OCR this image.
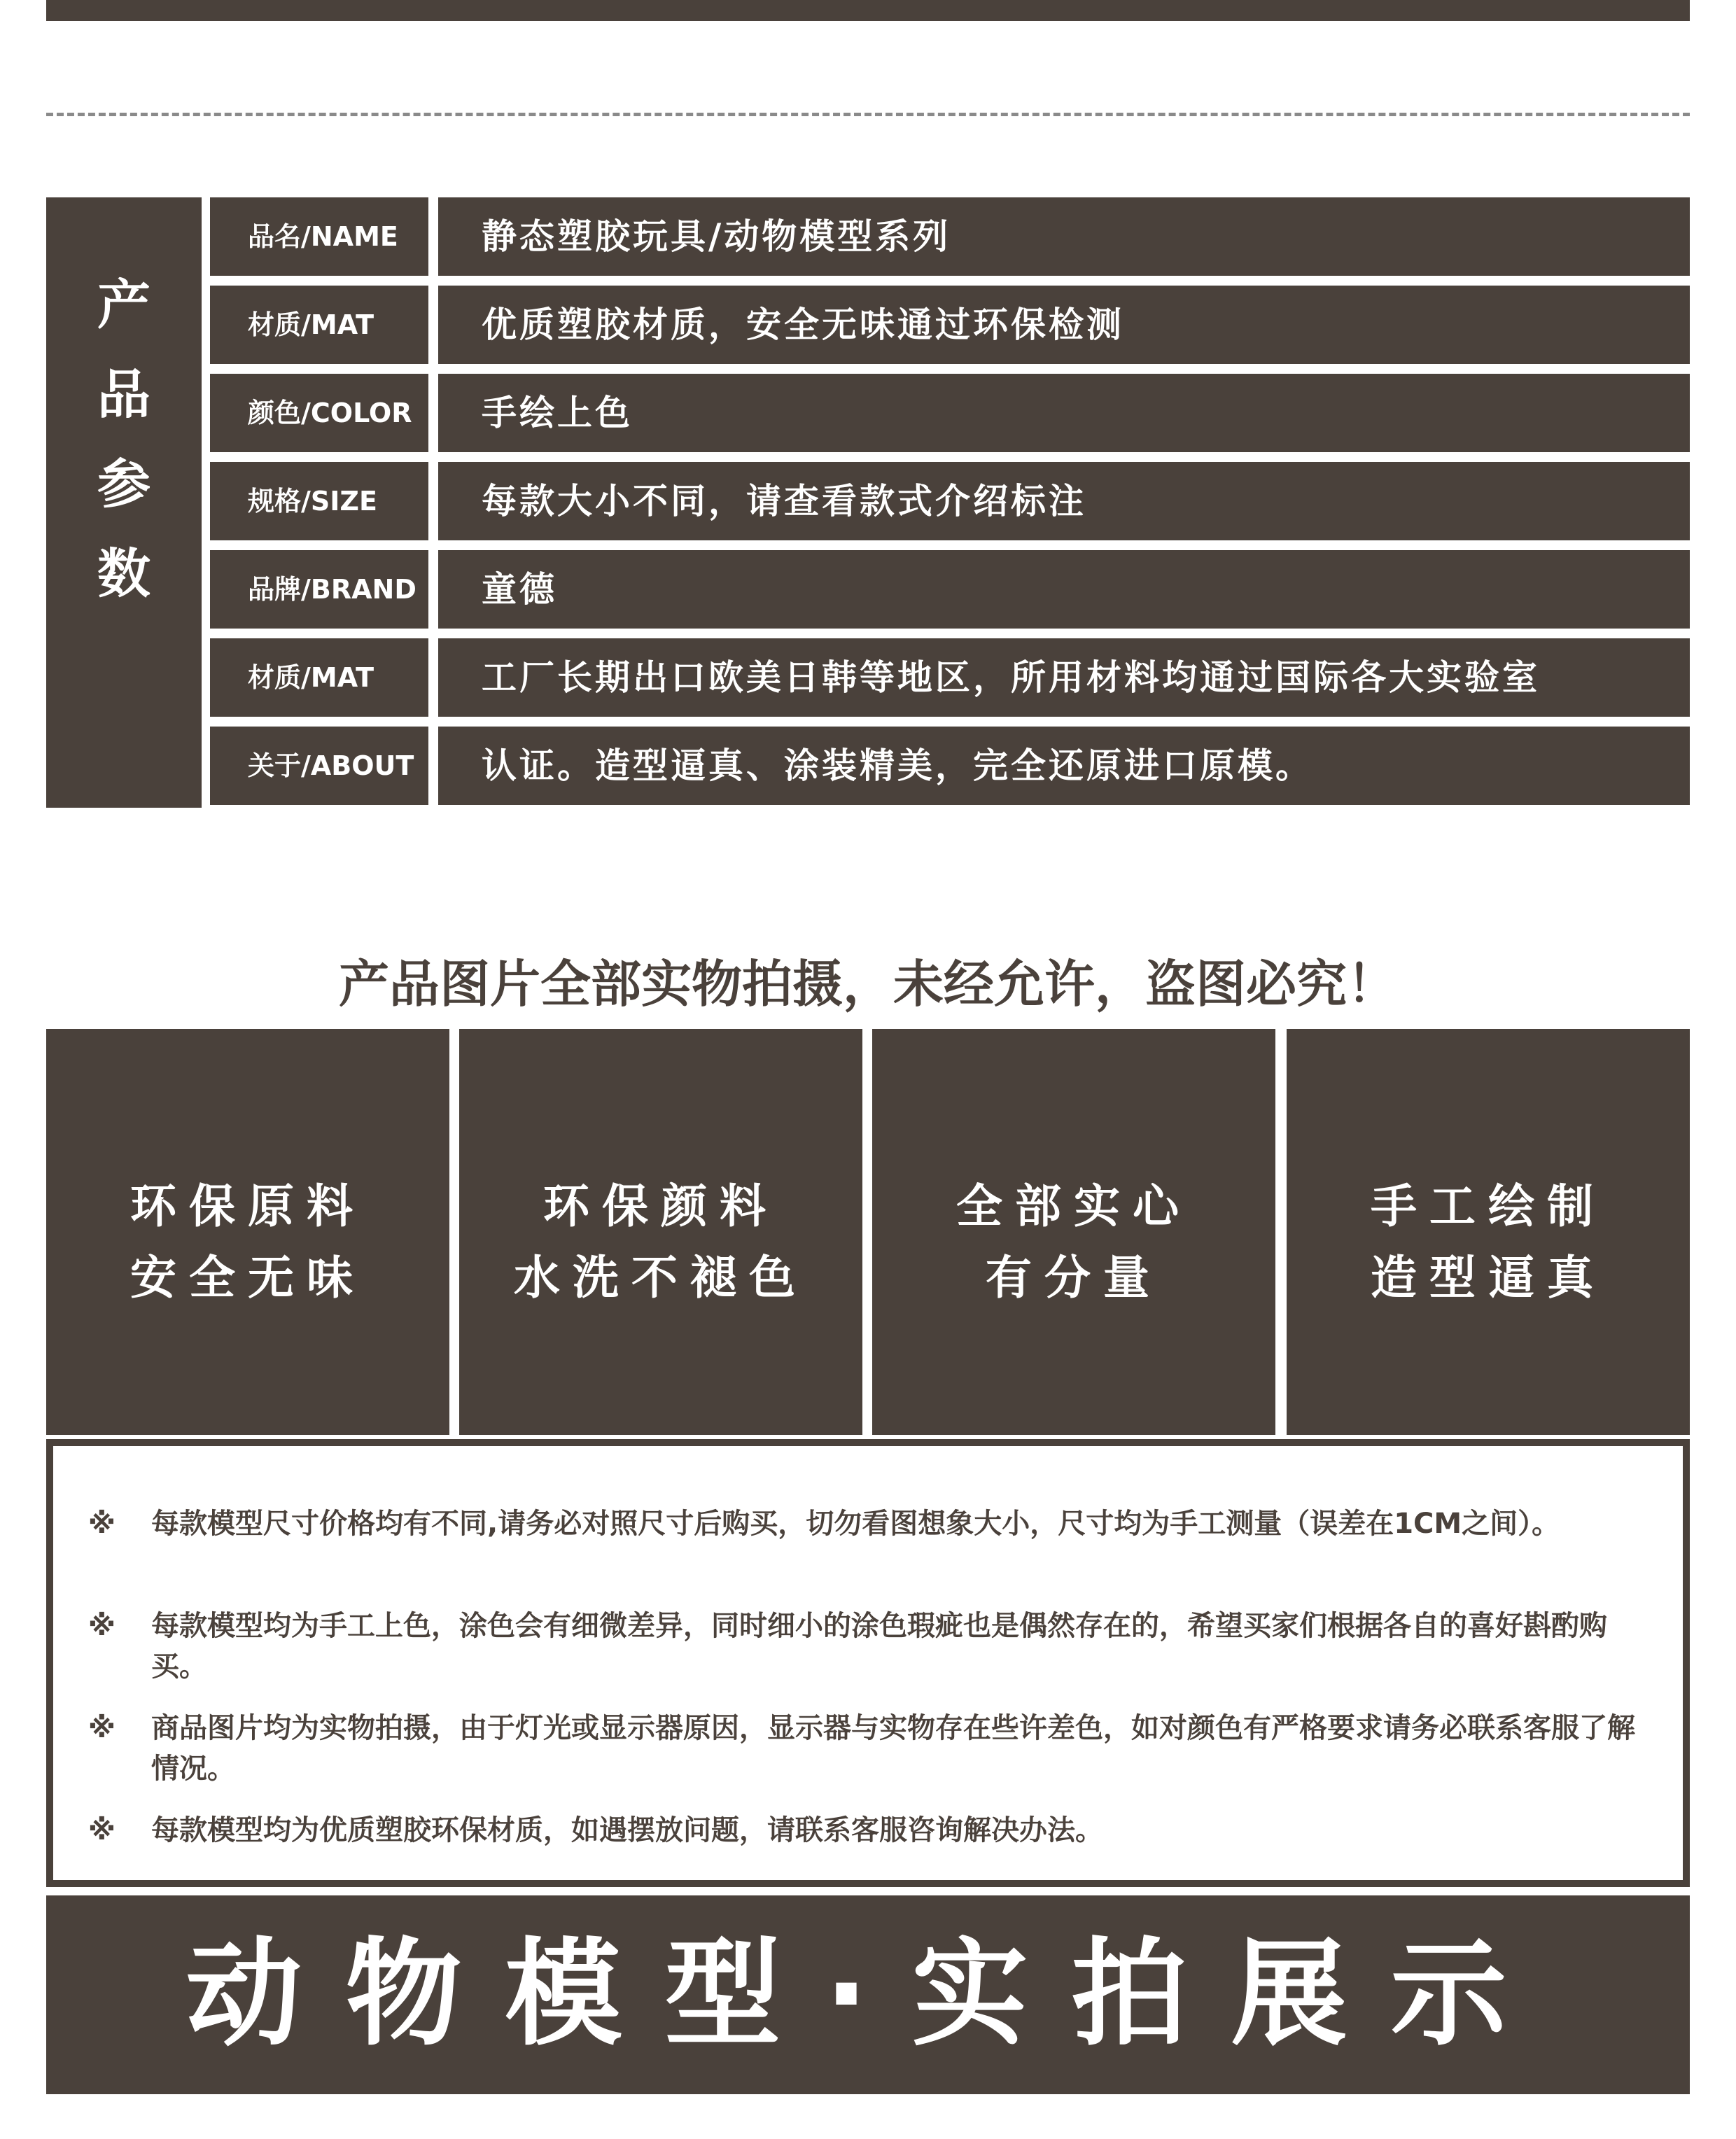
产
品
参
数
INFORMATION
品名/NAME	静态塑胶玩具/动物模型系列
材质/MAT	优质塑胶材质，安全无味通过环保检测
颜色/COLOR	手绘上色
规格/SIZE	每款大小不同，请查看款式介绍标注
品牌/BRAND	童德
材质/MAT	工厂长期出口欧美日韩等地区，所用材料均通过国际各大实验室
关于/ABOUT	认证。造型逼真、涂装精美，完全还原进口原模。
产品图片全部实物拍摄，未经允许，盗图必究！
环保原料
安全无味
环保颜料
水洗不褪色
全部实心
有分量
手工绘制
造型逼真
※ 每款模型尺寸价格均有不同,请务必对照尺寸后购买，切勿看图想象大小，尺寸均为手工测量（误差在1CM之间）。
※ 每款模型均为手工上色，涂色会有细微差异，同时细小的涂色瑕疵也是偶然存在的，希望买家们根据各自的喜好斟酌购买。
※ 商品图片均为实物拍摄，由于灯光或显示器原因，显示器与实物存在些许差色，如对颜色有严格要求请务必联系客服了解情况。
※ 每款模型均为优质塑胶环保材质，如遇摆放问题，请联系客服咨询解决办法。
动物模型·实拍展示
